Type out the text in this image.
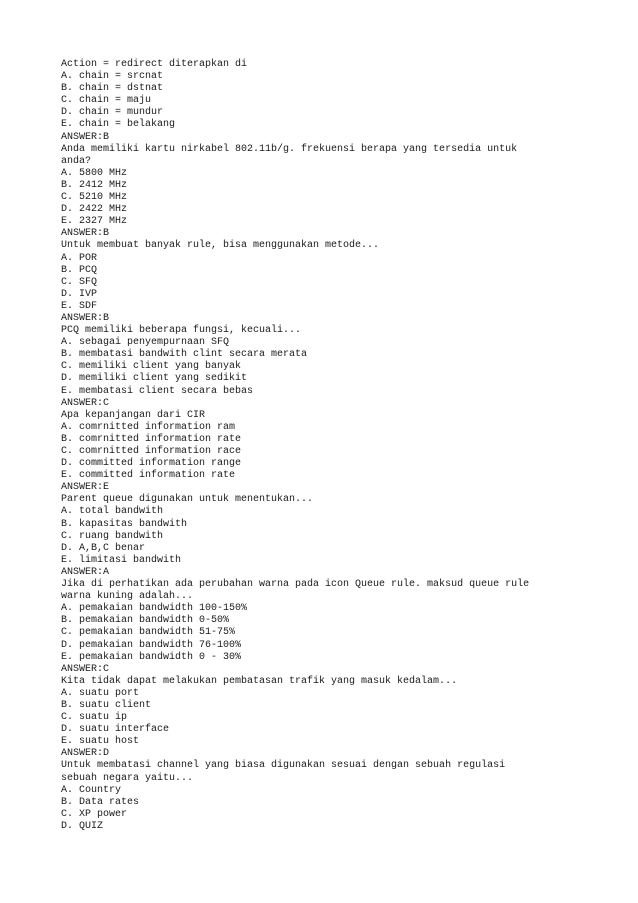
Action = redirect diterapkan di
A. chain = srcnat
B. chain = dstnat
C. chain = maju
D. chain = mundur
E. chain = belakang
ANSWER:B
Anda memiliki kartu nirkabel 802.11b/g. frekuensi berapa yang tersedia untuk
anda?
A. 5800 MHz
B. 2412 MHz
C. 5210 MHz
D. 2422 MHz
E. 2327 MHz
ANSWER:B
Untuk membuat banyak rule, bisa menggunakan metode...
A. POR
B. PCQ
C. SFQ
D. IVP
E. SDF
ANSWER:B
PCQ memiliki beberapa fungsi, kecuali...
A. sebagai penyempurnaan SFQ
B. membatasi bandwith clint secara merata
C. memiliki client yang banyak
D. memiliki client yang sedikit
E. membatasi client secara bebas
ANSWER:C
Apa kepanjangan dari CIR
A. comrnitted information ram
B. comrnitted information rate
C. comrnitted information race
D. committed information range
E. committed information rate
ANSWER:E
Parent queue digunakan untuk menentukan...
A. total bandwith
B. kapasitas bandwith
C. ruang bandwith
D. A,B,C benar
E. limitasi bandwith
ANSWER:A
Jika di perhatikan ada perubahan warna pada icon Queue rule. maksud queue rule
warna kuning adalah...
A. pemakaian bandwidth 100-150%
B. pemakaian bandwidth 0-50%
C. pemakaian bandwidth 51-75%
D. pemakaian bandwidth 76-100%
E. pemakaian bandwidth 0 - 30%
ANSWER:C
Kita tidak dapat melakukan pembatasan trafik yang masuk kedalam...
A. suatu port
B. suatu client
C. suatu ip
D. suatu interface
E. suatu host
ANSWER:D
Untuk membatasi channel yang biasa digunakan sesuai dengan sebuah regulasi
sebuah negara yaitu...
A. Country
B. Data rates
C. XP power
D. QUIZ
